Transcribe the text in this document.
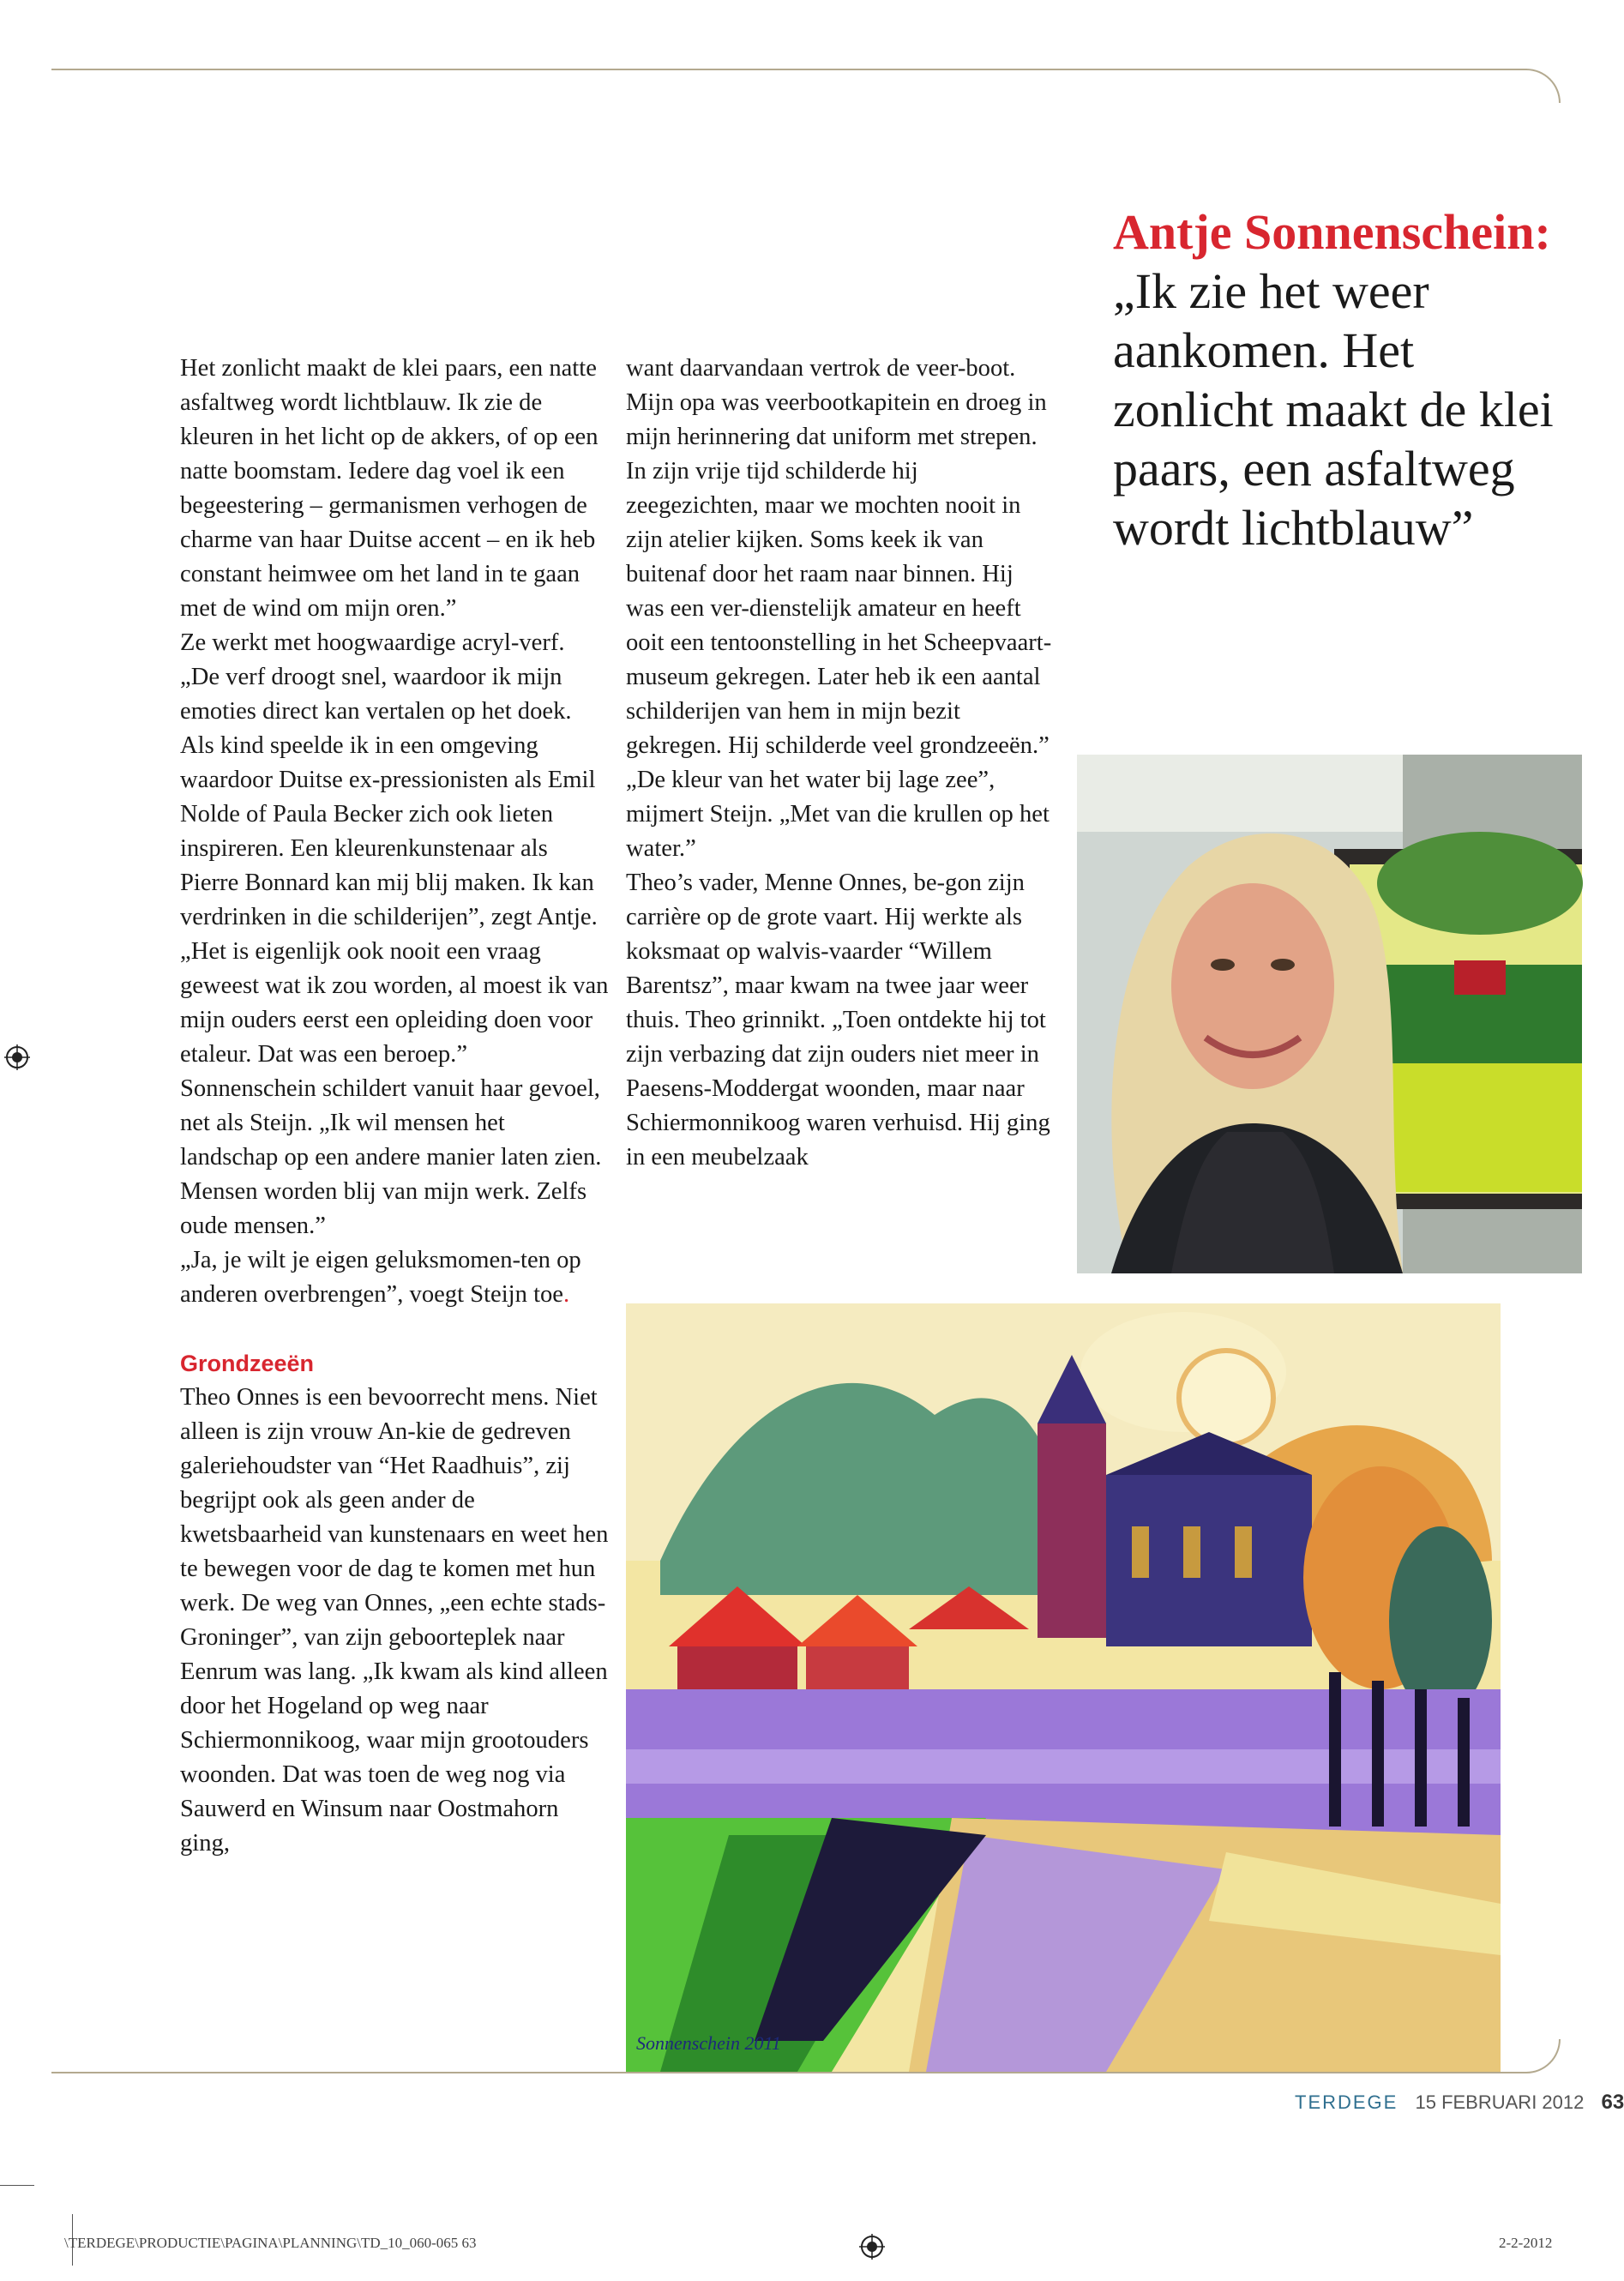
Antje Sonnenschein:
„Ik zie het weer aankomen. Het zonlicht maakt de klei paars, een asfaltweg wordt lichtblauw”

Het zonlicht maakt de klei paars, een natte asfaltweg wordt lichtblauw. Ik zie de kleuren in het licht op de akkers, of op een natte boomstam. Iedere dag voel ik een begeestering – germanismen verhogen de charme van haar Duitse accent – en ik heb constant heimwee om het land in te gaan met de wind om mijn oren.”

Ze werkt met hoogwaardige acryl-verf. „De verf droogt snel, waardoor ik mijn emoties direct kan vertalen op het doek. Als kind speelde ik in een omgeving waardoor Duitse ex-pressionisten als Emil Nolde of Paula Becker zich ook lieten inspireren. Een kleurenkunstenaar als Pierre Bonnard kan mij blij maken. Ik kan verdrinken in die schilderijen”, zegt Antje. „Het is eigenlijk ook nooit een vraag geweest wat ik zou worden, al moest ik van mijn ouders eerst een opleiding doen voor etaleur. Dat was een beroep.”

Sonnenschein schildert vanuit haar gevoel, net als Steijn. „Ik wil mensen het landschap op een andere manier laten zien. Mensen worden blij van mijn werk. Zelfs oude mensen.”

„Ja, je wilt je eigen geluksmomen-ten op anderen overbrengen”, voegt Steijn toe.

Grondzeeën

Theo Onnes is een bevoorrecht mens. Niet alleen is zijn vrouw An-kie de gedreven galeriehoudster van “Het Raadhuis”, zij begrijpt ook als geen ander de kwetsbaarheid van kunstenaars en weet hen te bewegen voor de dag te komen met hun werk. De weg van Onnes, „een echte stads-Groninger”, van zijn geboorteplek naar Eenrum was lang. „Ik kwam als kind alleen door het Hogeland op weg naar Schiermonnikoog, waar mijn grootouders woonden. Dat was toen de weg nog via Sauwerd en Winsum naar Oostmahorn ging,

want daarvandaan vertrok de veer-boot. Mijn opa was veerbootkapitein en droeg in mijn herinnering dat uniform met strepen. In zijn vrije tijd schilderde hij zeegezichten, maar we mochten nooit in zijn atelier kijken. Soms keek ik van buitenaf door het raam naar binnen. Hij was een ver-dienstelijk amateur en heeft ooit een tentoonstelling in het Scheepvaart-museum gekregen. Later heb ik een aantal schilderijen van hem in mijn bezit gekregen. Hij schilderde veel grondzeeën.”

„De kleur van het water bij lage zee”, mijmert Steijn. „Met van die krullen op het water.”

Theo’s vader, Menne Onnes, be-gon zijn carrière op de grote vaart. Hij werkte als koksmaat op walvis-vaarder “Willem Barentsz”, maar kwam na twee jaar weer thuis. Theo grinnikt. „Toen ontdekte hij tot zijn verbazing dat zijn ouders niet meer in Paesens-Moddergat woonden, maar naar Schiermonnikoog waren verhuisd. Hij ging in een meubelzaak

Sonnenschein 2011
TERDEGE 15 FEBRUARI 2012 63
\TERDEGE\PRODUCTIE\PAGINA\PLANNING\TD_10_060-065 63	2-2-2012
